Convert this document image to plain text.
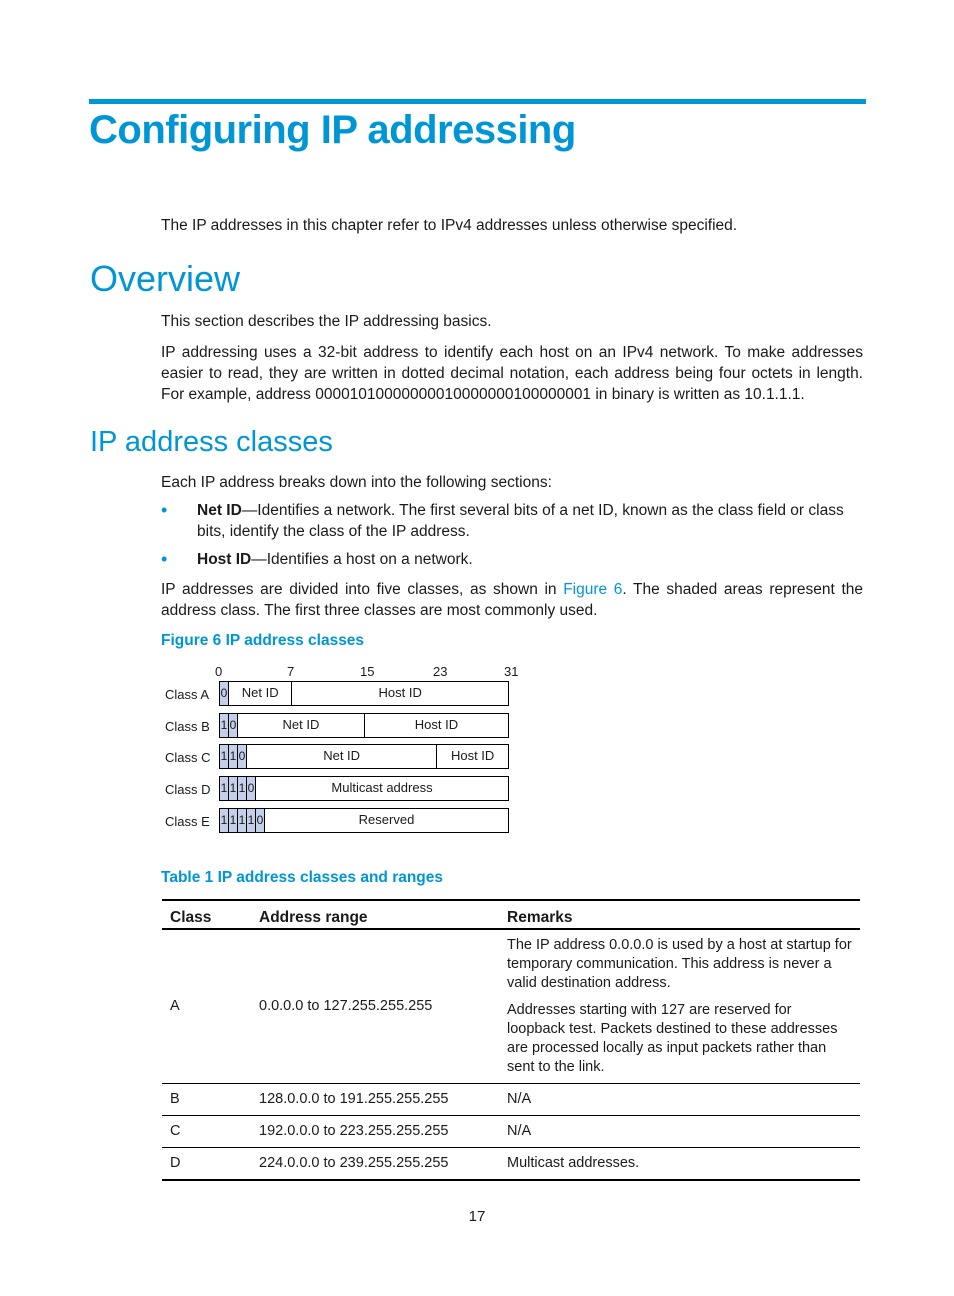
Configuring IP addressing

The IP addresses in this chapter refer to IPv4 addresses unless otherwise specified.

Overview

This section describes the IP addressing basics.

IP addressing uses a 32-bit address to identify each host on an IPv4 network. To make addresses easier to read, they are written in dotted decimal notation, each address being four octets in length. For example, address 00001010000000010000000100000001 in binary is written as 10.1.1.1.

IP address classes

Each IP address breaks down into the following sections:

• Net ID—Identifies a network. The first several bits of a net ID, known as the class field or class bits, identify the class of the IP address.
• Host ID—Identifies a host on a network.

IP addresses are divided into five classes, as shown in Figure 6. The shaded areas represent the address class. The first three classes are most commonly used.

Figure 6 IP address classes
0	7	15	23	31
Class A 0	Net ID	Host ID
Class B 1 0	Net ID	Host ID
Class C 1 1 0	Net ID	Host ID
Class D 1 1 1 0	Multicast address
Class E 1 1 1 1 0	Reserved
Table 1 IP address classes and ranges
Class	Address range	Remarks
A	0.0.0.0 to 127.255.255.255	The IP address 0.0.0.0 is used by a host at startup for temporary communication. This address is never a valid destination address.

Addresses starting with 127 are reserved for loopback test. Packets destined to these addresses are processed locally as input packets rather than sent to the link.

B	128.0.0.0 to 191.255.255.255	N/A

C	192.0.0.0 to 223.255.255.255	N/A

D	224.0.0.0 to 239.255.255.255	Multicast addresses.

17
